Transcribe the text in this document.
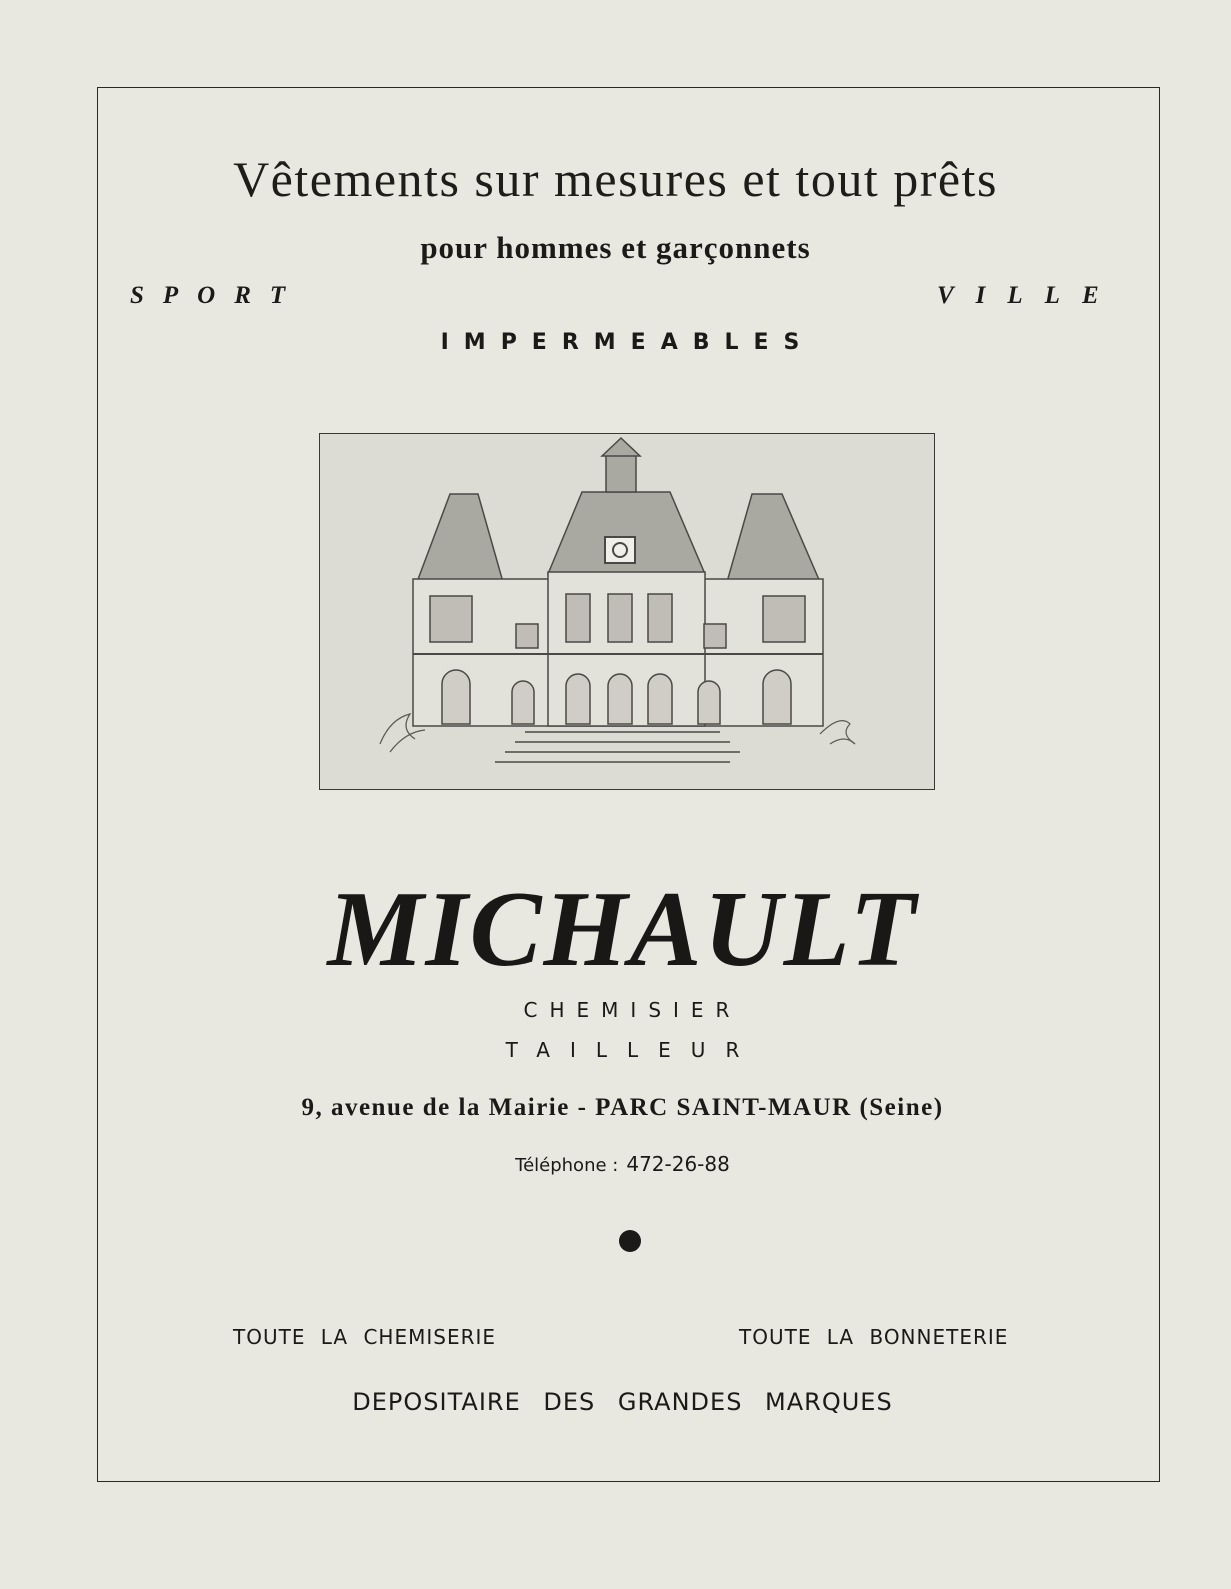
Vêtements sur mesures et tout prêts
pour hommes et garçonnets
SPORT	VILLE
IMPERMEABLES
MICHAULT
CHEMISIER
TAILLEUR
9, avenue de la Mairie - PARC SAINT-MAUR (Seine)
Téléphone : 472-26-88
TOUTE LA CHEMISERIE	TOUTE LA BONNETERIE
DEPOSITAIRE DES GRANDES MARQUES
